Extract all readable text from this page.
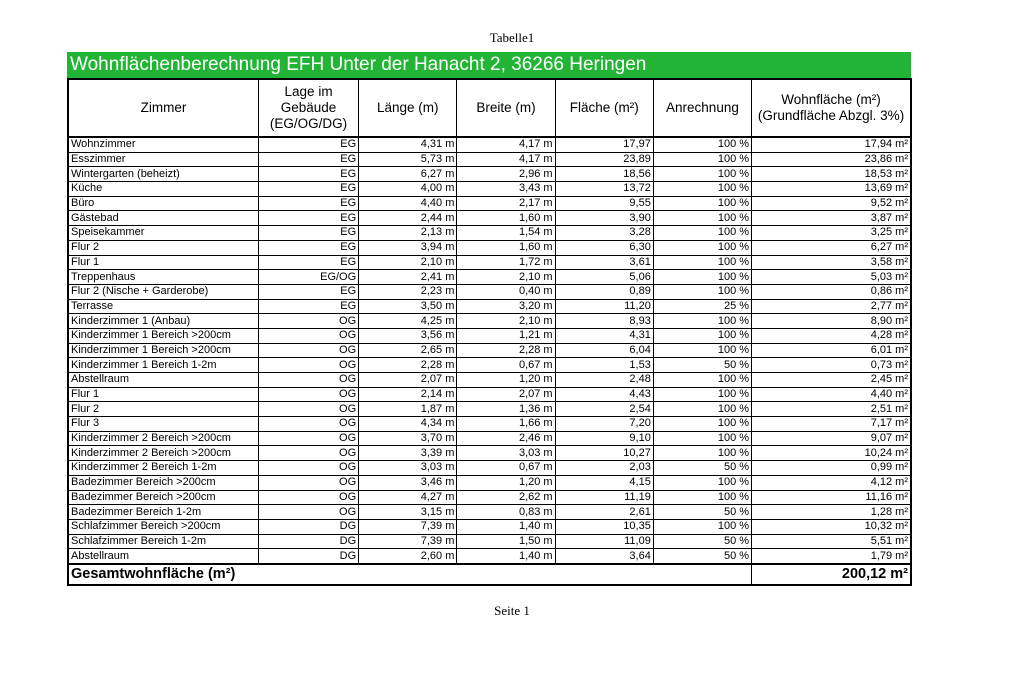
Tabelle1
Wohnflächenberechnung EFH Unter der Hanacht 2, 36266 Heringen
Zimmer	Lage im Gebäude (EG/OG/DG)	Länge (m)	Breite (m)	Fläche (m²)	Anrechnung	Wohnfläche (m²) (Grundfläche Abzgl. 3%)
Wohnzimmer	EG	4,31 m	4,17 m	17,97	100 %	17,94 m²
Esszimmer	EG	5,73 m	4,17 m	23,89	100 %	23,86 m²
Wintergarten (beheizt)	EG	6,27 m	2,96 m	18,56	100 %	18,53 m²
Küche	EG	4,00 m	3,43 m	13,72	100 %	13,69 m²
Büro	EG	4,40 m	2,17 m	9,55	100 %	9,52 m²
Gästebad	EG	2,44 m	1,60 m	3,90	100 %	3,87 m²
Speisekammer	EG	2,13 m	1,54 m	3,28	100 %	3,25 m²
Flur 2	EG	3,94 m	1,60 m	6,30	100 %	6,27 m²
Flur 1	EG	2,10 m	1,72 m	3,61	100 %	3,58 m²
Treppenhaus	EG/OG	2,41 m	2,10 m	5,06	100 %	5,03 m²
Flur 2 (Nische + Garderobe)	EG	2,23 m	0,40 m	0,89	100 %	0,86 m²
Terrasse	EG	3,50 m	3,20 m	11,20	25 %	2,77 m²
Kinderzimmer 1 (Anbau)	OG	4,25 m	2,10 m	8,93	100 %	8,90 m²
Kinderzimmer 1 Bereich >200cm	OG	3,56 m	1,21 m	4,31	100 %	4,28 m²
Kinderzimmer 1 Bereich >200cm	OG	2,65 m	2,28 m	6,04	100 %	6,01 m²
Kinderzimmer 1 Bereich 1-2m	OG	2,28 m	0,67 m	1,53	50 %	0,73 m²
Abstellraum	OG	2,07 m	1,20 m	2,48	100 %	2,45 m²
Flur 1	OG	2,14 m	2,07 m	4,43	100 %	4,40 m²
Flur 2	OG	1,87 m	1,36 m	2,54	100 %	2,51 m²
Flur 3	OG	4,34 m	1,66 m	7,20	100 %	7,17 m²
Kinderzimmer 2 Bereich >200cm	OG	3,70 m	2,46 m	9,10	100 %	9,07 m²
Kinderzimmer 2 Bereich >200cm	OG	3,39 m	3,03 m	10,27	100 %	10,24 m²
Kinderzimmer 2 Bereich 1-2m	OG	3,03 m	0,67 m	2,03	50 %	0,99 m²
Badezimmer Bereich >200cm	OG	3,46 m	1,20 m	4,15	100 %	4,12 m²
Badezimmer Bereich >200cm	OG	4,27 m	2,62 m	11,19	100 %	11,16 m²
Badezimmer Bereich 1-2m	OG	3,15 m	0,83 m	2,61	50 %	1,28 m²
Schlafzimmer Bereich >200cm	DG	7,39 m	1,40 m	10,35	100 %	10,32 m²
Schlafzimmer Bereich 1-2m	DG	7,39 m	1,50 m	11,09	50 %	5,51 m²
Abstellraum	DG	2,60 m	1,40 m	3,64	50 %	1,79 m²
Gesamtwohnfläche (m²)						200,12 m²
Seite 1
